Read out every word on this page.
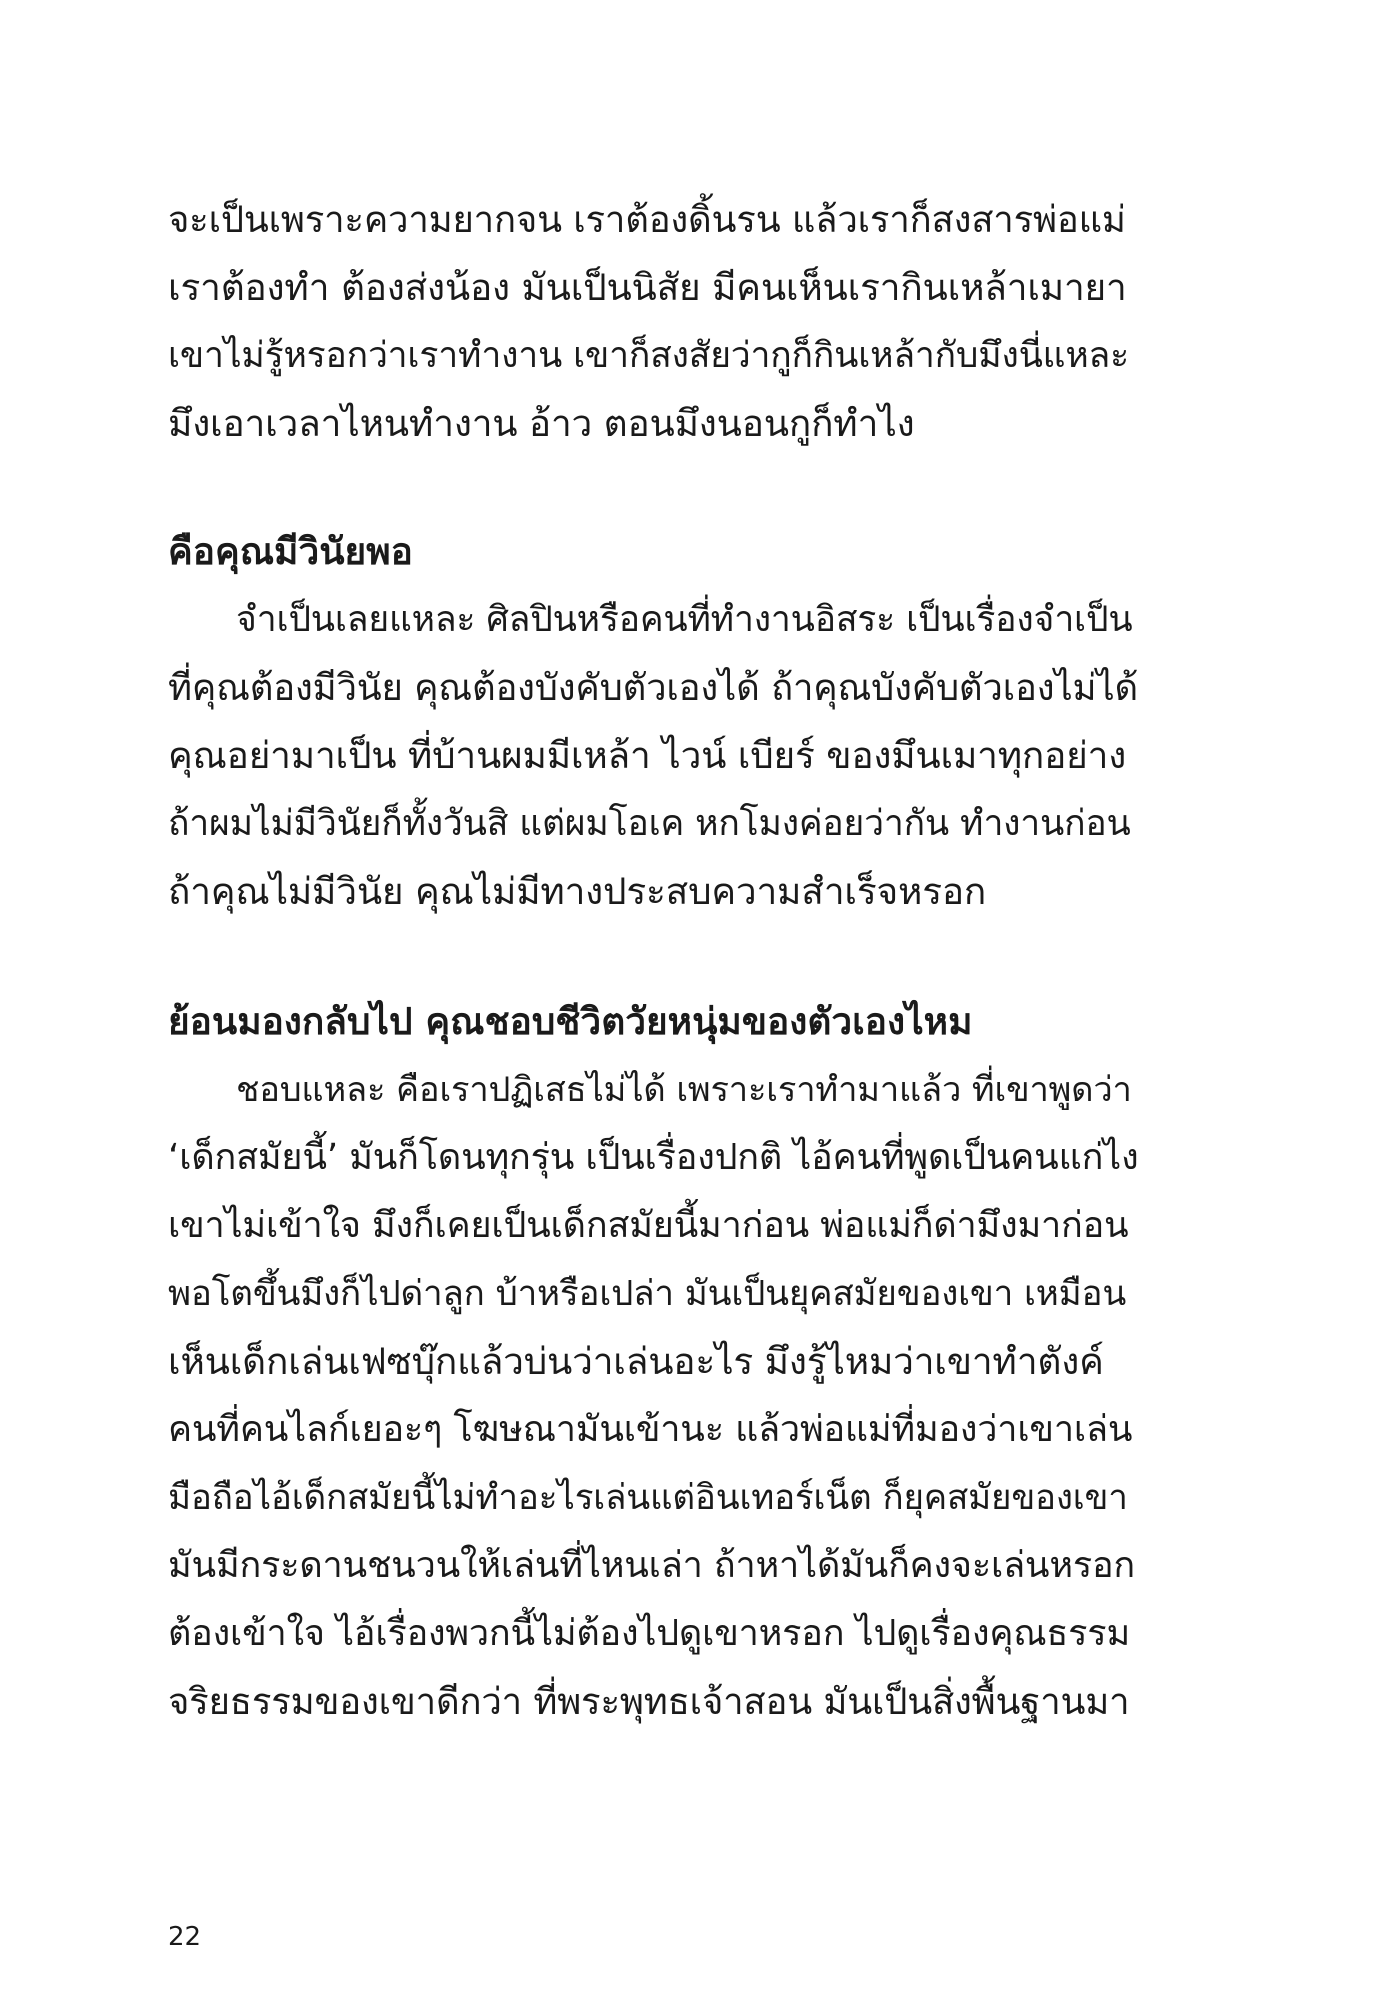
จะเป็นเพราะความยากจน เราต้องดิ้นรน แล้วเราก็สงสารพ่อแม่
เราต้องทำ ต้องส่งน้อง มันเป็นนิสัย มีคนเห็นเรากินเหล้าเมายา
เขาไม่รู้หรอกว่าเราทำงาน เขาก็สงสัยว่ากูก็กินเหล้ากับมึงนี่แหละ
มึงเอาเวลาไหนทำงาน อ้าว ตอนมึงนอนกูก็ทำไง
คือคุณมีวินัยพอ
จำเป็นเลยแหละ ศิลปินหรือคนที่ทำงานอิสระ เป็นเรื่องจำเป็น
ที่คุณต้องมีวินัย คุณต้องบังคับตัวเองได้ ถ้าคุณบังคับตัวเองไม่ได้
คุณอย่ามาเป็น ที่บ้านผมมีเหล้า ไวน์ เบียร์ ของมึนเมาทุกอย่าง
ถ้าผมไม่มีวินัยก็ทั้งวันสิ แต่ผมโอเค หกโมงค่อยว่ากัน ทำงานก่อน
ถ้าคุณไม่มีวินัย คุณไม่มีทางประสบความสำเร็จหรอก
ย้อนมองกลับไป คุณชอบชีวิตวัยหนุ่มของตัวเองไหม
ชอบแหละ คือเราปฏิเสธไม่ได้ เพราะเราทำมาแล้ว ที่เขาพูดว่า
‘เด็กสมัยนี้’ มันก็โดนทุกรุ่น เป็นเรื่องปกติ ไอ้คนที่พูดเป็นคนแก่ไง
เขาไม่เข้าใจ มึงก็เคยเป็นเด็กสมัยนี้มาก่อน พ่อแม่ก็ด่ามึงมาก่อน
พอโตขึ้นมึงก็ไปด่าลูก บ้าหรือเปล่า มันเป็นยุคสมัยของเขา เหมือน
เห็นเด็กเล่นเฟซบุ๊กแล้วบ่นว่าเล่นอะไร มึงรู้ไหมว่าเขาทำตังค์
คนที่คนไลก์เยอะๆ โฆษณามันเข้านะ แล้วพ่อแม่ที่มองว่าเขาเล่น
มือถือไอ้เด็กสมัยนี้ไม่ทำอะไรเล่นแต่อินเทอร์เน็ต ก็ยุคสมัยของเขา
มันมีกระดานชนวนให้เล่นที่ไหนเล่า ถ้าหาได้มันก็คงจะเล่นหรอก
ต้องเข้าใจ ไอ้เรื่องพวกนี้ไม่ต้องไปดูเขาหรอก ไปดูเรื่องคุณธรรม
จริยธรรมของเขาดีกว่า ที่พระพุทธเจ้าสอน มันเป็นสิ่งพื้นฐานมา
22
